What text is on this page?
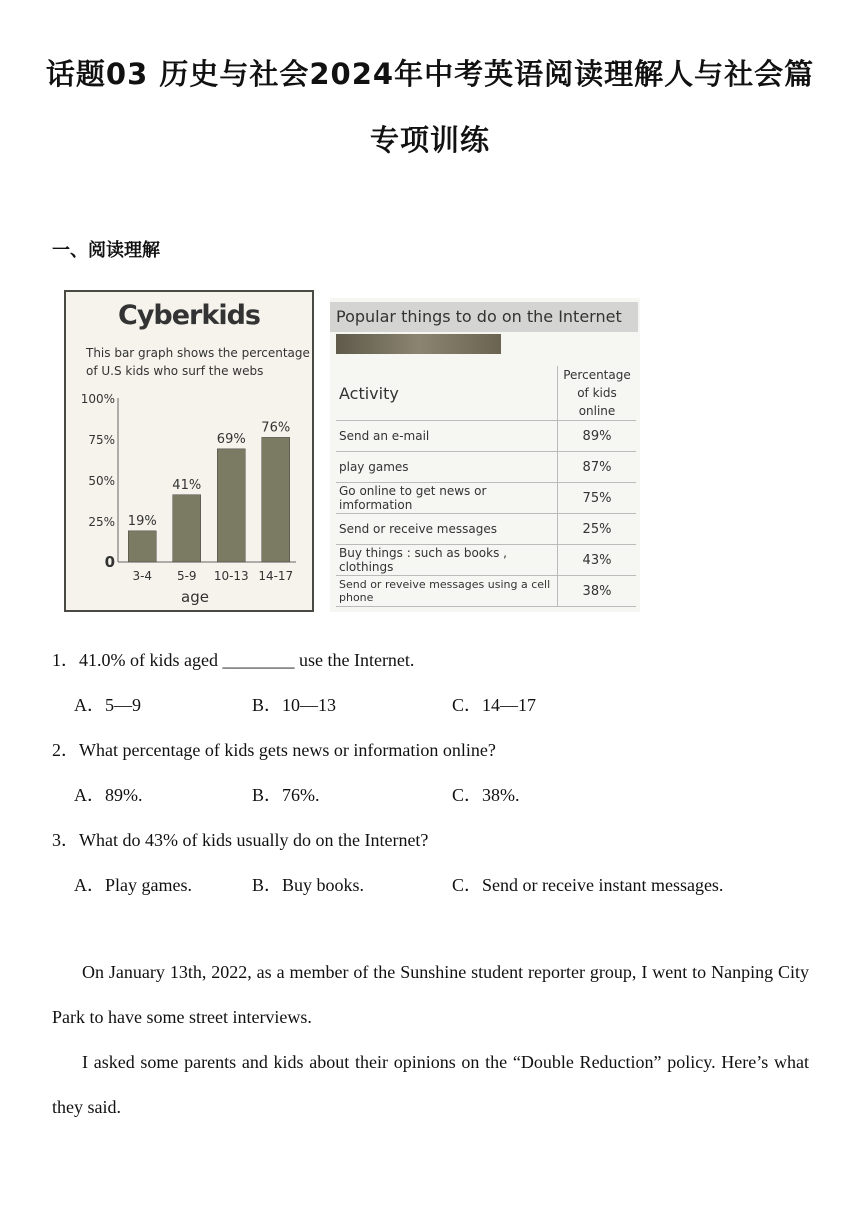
话题03 历史与社会2024年中考英语阅读理解人与社会篇
专项训练
一、阅读理解
Cyberkids
This bar graph shows the percentage of U.S kids who surf the webs
0
25%
50%
75%
100%
19%
3-4
41%
5-9
69%
10-13
76%
14-17
age
Popular things to do on the Internet
Activity	Percentage
of kids online
Send an e-mail	89%
play games	87%
Go online to get news or imformation	75%
Send or receive messages	25%
Buy things : such as books , clothings	43%
Send or reveive messages using a cell phone	38%
1．41.0% of kids aged ________ use the Internet.
A．5—9	B．10—13	C．14—17
2．What percentage of kids gets news or information online?
A．89%.	B．76%.	C．38%.
3．What do 43% of kids usually do on the Internet?
A．Play games.	B．Buy books.	C．Send or receive instant messages.
On January 13th, 2022, as a member of the Sunshine student reporter group, I went to Nanping City Park to have some street interviews.
I asked some parents and kids about their opinions on the “Double Reduction” policy. Here’s what they said.
